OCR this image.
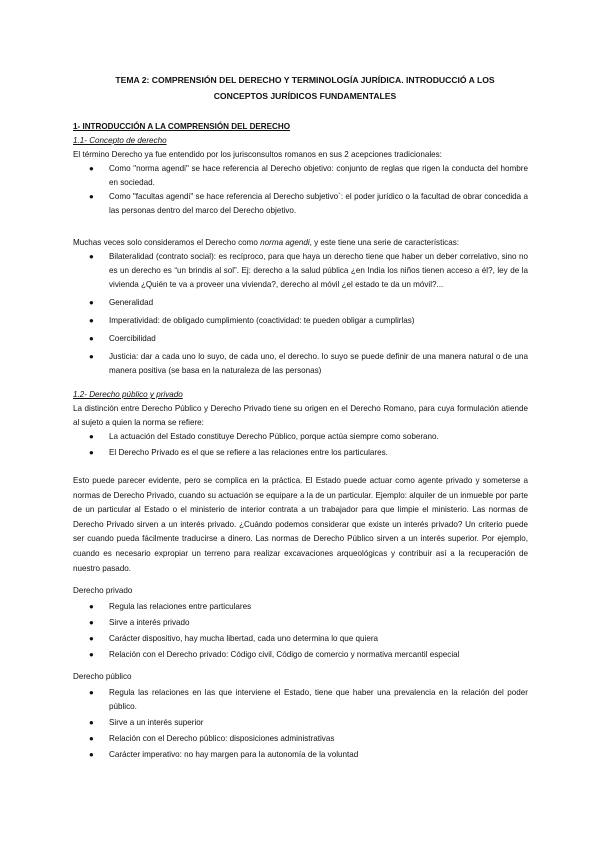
TEMA 2: COMPRENSIÓN DEL DERECHO Y TERMINOLOGÍA JURÍDICA. INTRODUCCIÓ A LOS CONCEPTOS JURÍDICOS FUNDAMENTALES
1- INTRODUCCIÓN A LA COMPRENSIÓN DEL DERECHO
1.1- Concepto de derecho

El término Derecho ya fue entendido por los jurisconsultos romanos en sus 2 acepciones tradicionales:

● Como "norma agendi" se hace referencia al Derecho objetivo: conjunto de reglas que rigen la conducta del hombre en sociedad.
● Como "facultas agendi" se hace referencia al Derecho subjetivo`: el poder jurídico o la facultad de obrar concedida a las personas dentro del marco del Derecho objetivo.

Muchas veces solo consideramos el Derecho como norma agendi, y este tiene una serie de características:

● Bilateralidad (contrato social): es recíproco, para que haya un derecho tiene que haber un deber correlativo, sino no es un derecho es “un brindis al sol”. Ej: derecho a la salud pública ¿en India los niños tienen acceso a él?, ley de la vivienda ¿Quién te va a proveer una vivienda?, derecho al móvil ¿el estado te da un móvil?...
● Generalidad
● Imperatividad: de obligado cumplimiento (coactividad: te pueden obligar a cumplirlas)
● Coercibilidad
● Justicia: dar a cada uno lo suyo, de cada uno, el derecho. lo suyo se puede definir de una manera natural o de una manera positiva (se basa en la naturaleza de las personas)
1.2- Derecho público y privado

La distinción entre Derecho Público y Derecho Privado tiene su origen en el Derecho Romano, para cuya formulación atiende al sujeto a quien la norma se refiere:

● La actuación del Estado constituye Derecho Público, porque actúa siempre como soberano.
● El Derecho Privado es el que se refiere a las relaciones entre los particulares.

Esto puede parecer evidente, pero se complica en la práctica. El Estado puede actuar como agente privado y someterse a normas de Derecho Privado, cuando su actuación se equipare a la de un particular. Ejemplo: alquiler de un inmueble por parte de un particular al Estado o el ministerio de interior contrata a un trabajador para que limpie el ministerio. Las normas de Derecho Privado sirven a un interés privado. ¿Cuándo podemos considerar que existe un interés privado? Un criterio puede ser cuando pueda fácilmente traducirse a dinero. Las normas de Derecho Público sirven a un interés superior. Por ejemplo, cuando es necesario expropiar un terreno para realizar excavaciones arqueológicas y contribuir así a la recuperación de nuestro pasado.

Derecho privado
● Regula las relaciones entre particulares
● Sirve a interés privado
● Carácter dispositivo, hay mucha libertad, cada uno determina lo que quiera
● Relación con el Derecho privado: Código civil, Código de comercio y normativa mercantil especial
Derecho público
● Regula las relaciones en las que interviene el Estado, tiene que haber una prevalencia en la relación del poder público.
● Sirve a un interés superior
● Relación con el Derecho público: disposiciones administrativas
● Carácter imperativo: no hay margen para la autonomía de la voluntad
